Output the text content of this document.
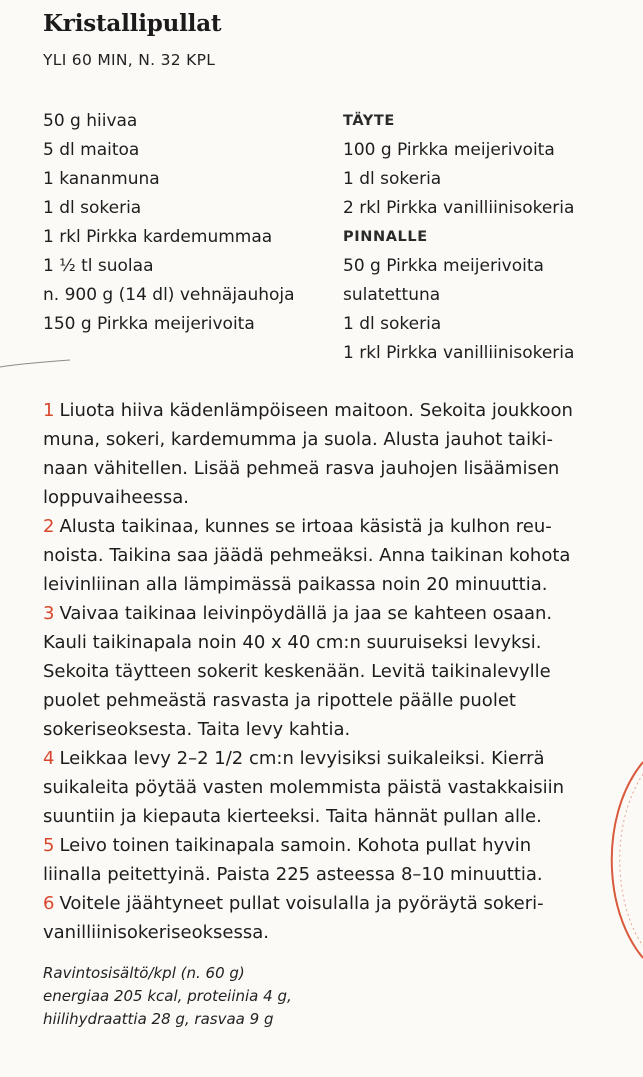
Kristallipullat
YLI 60 MIN, N. 32 KPL
50 g hiivaa
5 dl maitoa
1 kananmuna
1 dl sokeria
1 rkl Pirkka kardemummaa
1 ½ tl suolaa
n. 900 g (14 dl) vehnäjauhoja
150 g Pirkka meijerivoita
TÄYTE
100 g Pirkka meijerivoita
1 dl sokeria
2 rkl Pirkka vanilliinisokeria
PINNALLE
50 g Pirkka meijerivoita
sulatettuna
1 dl sokeria
1 rkl Pirkka vanilliinisokeria
1 Liuota hiiva kädenlämpöiseen maitoon. Sekoita joukkoon
muna, sokeri, kardemumma ja suola. Alusta jauhot taiki-
naan vähitellen. Lisää pehmeä rasva jauhojen lisäämisen
loppuvaiheessa.
2 Alusta taikinaa, kunnes se irtoaa käsistä ja kulhon reu-
noista. Taikina saa jäädä pehmeäksi. Anna taikinan kohota
leivinliinan alla lämpimässä paikassa noin 20 minuuttia.
3 Vaivaa taikinaa leivinpöydällä ja jaa se kahteen osaan.
Kauli taikinapala noin 40 x 40 cm:n suuruiseksi levyksi.
Sekoita täytteen sokerit keskenään. Levitä taikinalevylle
puolet pehmeästä rasvasta ja ripottele päälle puolet
sokeriseoksesta. Taita levy kahtia.
4 Leikkaa levy 2–2 1/2 cm:n levyisiksi suikaleiksi. Kierrä
suikaleita pöytää vasten molemmista päistä vastakkaisiin
suuntiin ja kiepauta kierteeksi. Taita hännät pullan alle.
5 Leivo toinen taikinapala samoin. Kohota pullat hyvin
liinalla peitettyinä. Paista 225 asteessa 8–10 minuuttia.
6 Voitele jäähtyneet pullat voisulalla ja pyöräytä sokeri-
vanilliinisokeriseoksessa.
Ravintosisältö/kpl (n. 60 g)
energiaa 205 kcal, proteiinia 4 g,
hiilihydraattia 28 g, rasvaa 9 g
